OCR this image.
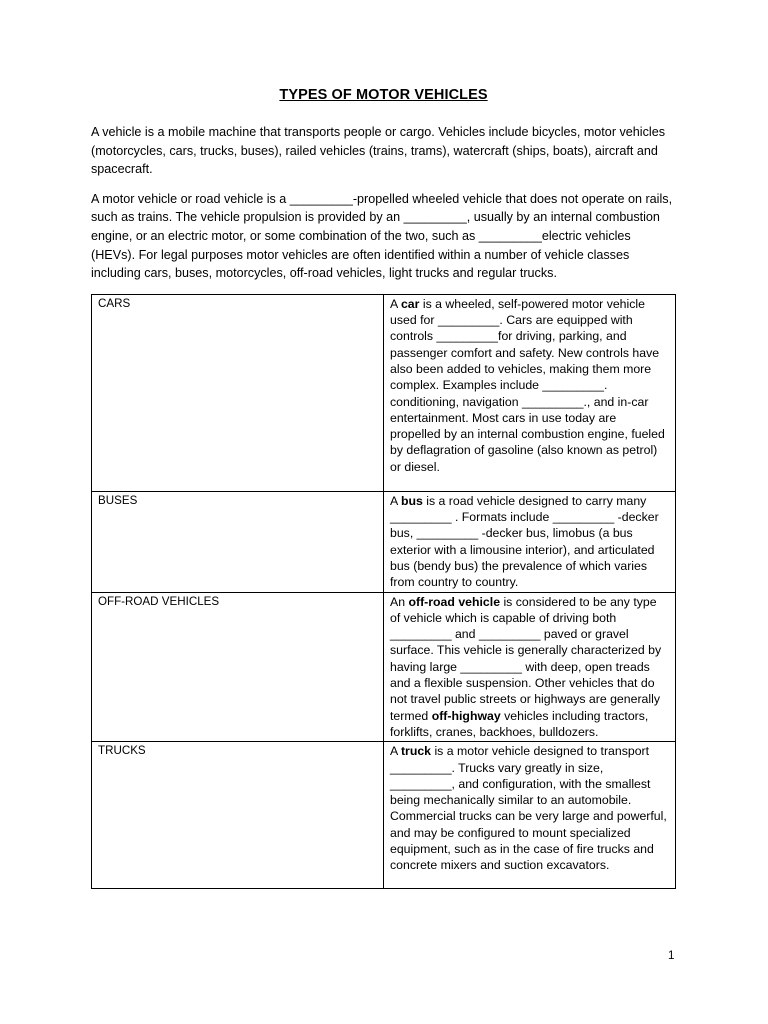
TYPES OF MOTOR VEHICLES

A vehicle is a mobile machine that transports people or cargo. Vehicles include bicycles, motor vehicles (motorcycles, cars, trucks, buses), railed vehicles (trains, trams), watercraft (ships, boats), aircraft and spacecraft.

A motor vehicle or road vehicle is a _________-propelled wheeled vehicle that does not operate on rails, such as trains. The vehicle propulsion is provided by an _________, usually by an internal combustion engine, or an electric motor, or some combination of the two, such as _________electric vehicles (HEVs). For legal purposes motor vehicles are often identified within a number of vehicle classes including cars, buses, motorcycles, off-road vehicles, light trucks and regular trucks.

CARS	A car is a wheeled, self-powered motor vehicle used for _________. Cars are equipped with controls _________for driving, parking, and passenger comfort and safety. New controls have also been added to vehicles, making them more complex. Examples include _________. conditioning, navigation _________., and in-car entertainment. Most cars in use today are propelled by an internal combustion engine, fueled by deflagration of gasoline (also known as petrol) or diesel.
BUSES	A bus is a road vehicle designed to carry many _________ . Formats include _________ -decker bus, _________ -decker bus, limobus (a bus exterior with a limousine interior), and articulated bus (bendy bus) the prevalence of which varies from country to country.
OFF-ROAD VEHICLES	An off-road vehicle is considered to be any type of vehicle which is capable of driving both _________ and _________ paved or gravel surface. This vehicle is generally characterized by having large _________ with deep, open treads and a flexible suspension. Other vehicles that do not travel public streets or highways are generally termed off-highway vehicles including tractors, forklifts, cranes, backhoes, bulldozers.
TRUCKS	A truck is a motor vehicle designed to transport _________. Trucks vary greatly in size, _________, and configuration, with the smallest being mechanically similar to an automobile. Commercial trucks can be very large and powerful, and may be configured to mount specialized equipment, such as in the case of fire trucks and concrete mixers and suction excavators.
1
